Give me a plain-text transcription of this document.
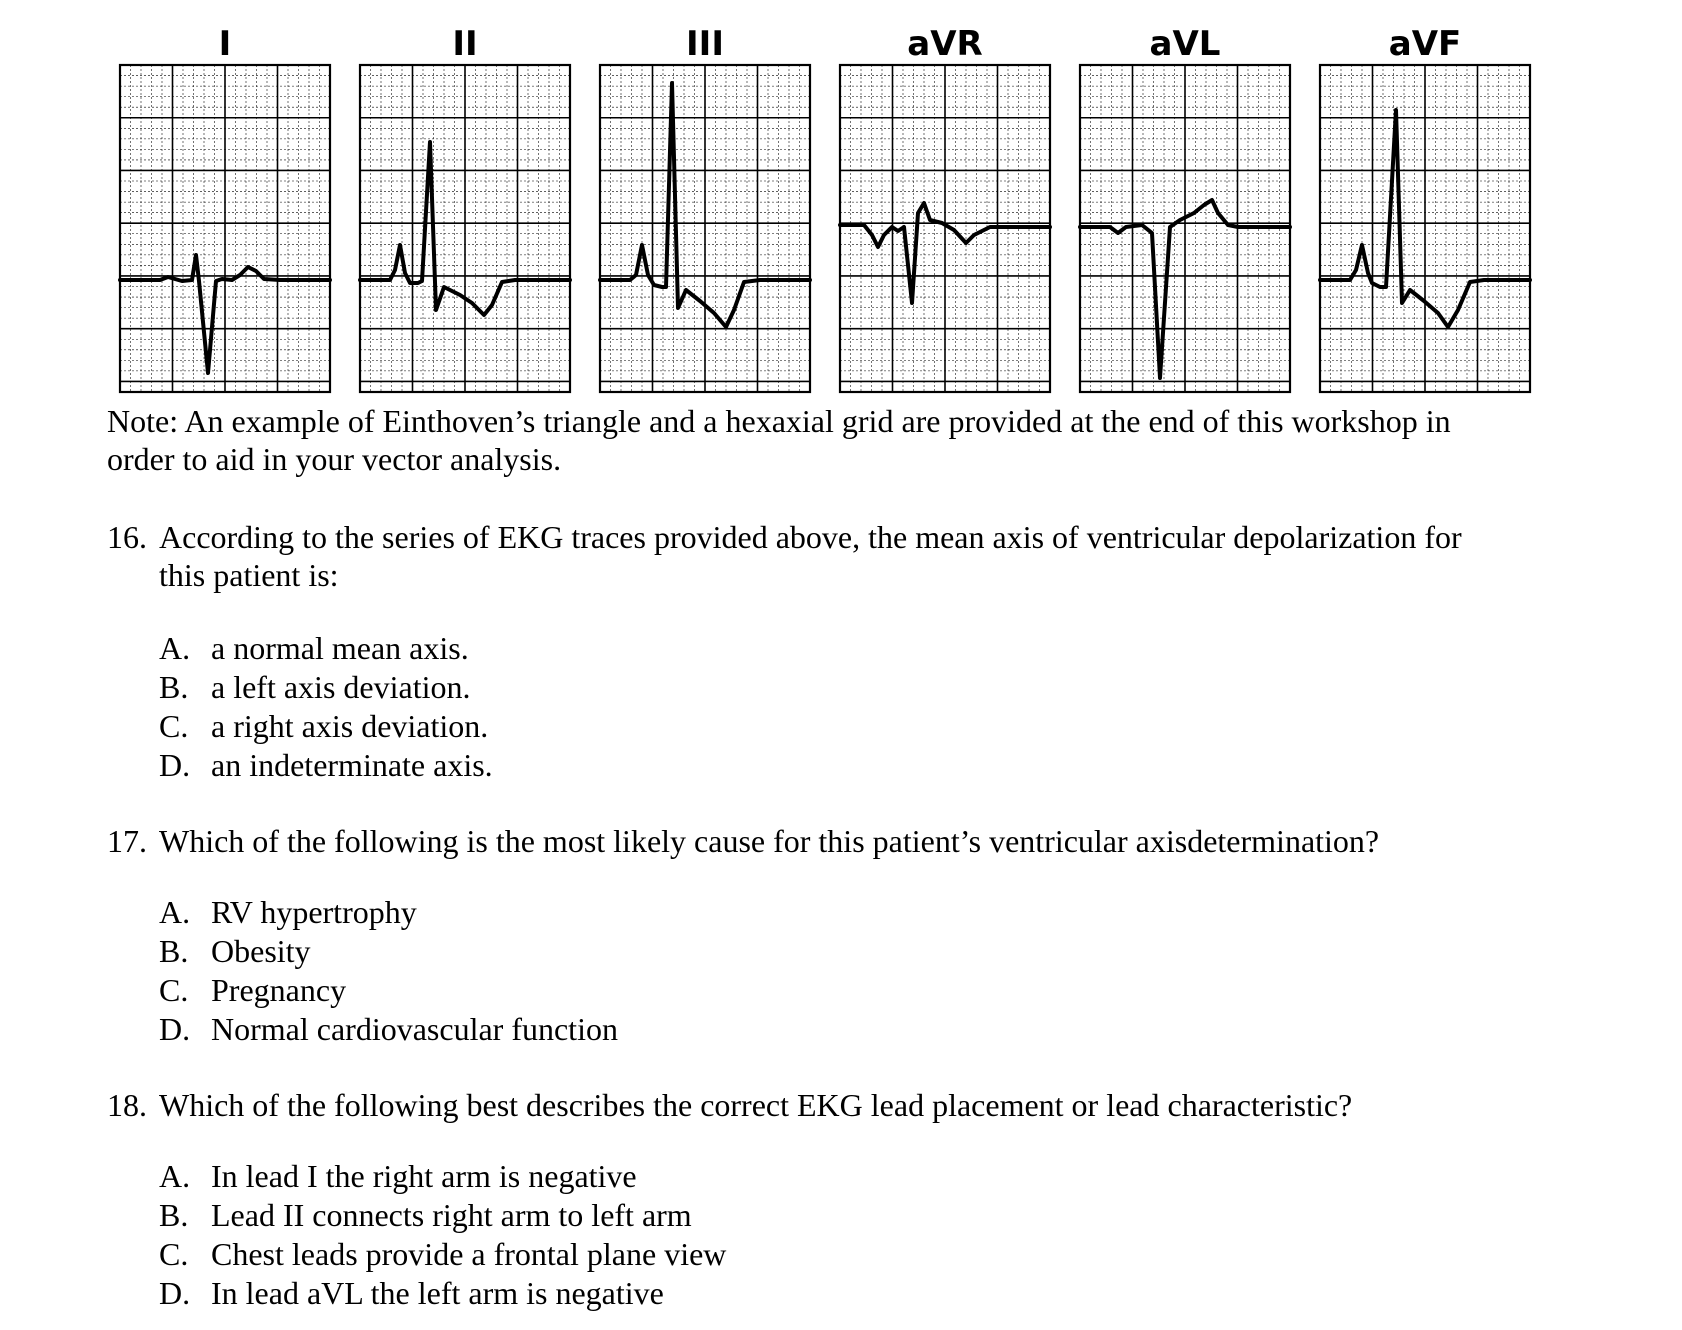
I	II	III	aVR	aVL	aVF

Note: An example of Einthoven’s triangle and a hexaxial grid are provided at the end of this workshop in

order to aid in your vector analysis.

16. According to the series of EKG traces provided above, the mean axis of ventricular depolarization for
this patient is:
A. a normal mean axis.
B. a left axis deviation.
C. a right axis deviation.
D. an indeterminate axis.
17. Which of the following is the most likely cause for this patient’s ventricular axisdetermination?
A. RV hypertrophy
B. Obesity
C. Pregnancy
D. Normal cardiovascular function
18. Which of the following best describes the correct EKG lead placement or lead characteristic?
A. In lead I the right arm is negative
B. Lead II connects right arm to left arm
C. Chest leads provide a frontal plane view
D. In lead aVL the left arm is negative
